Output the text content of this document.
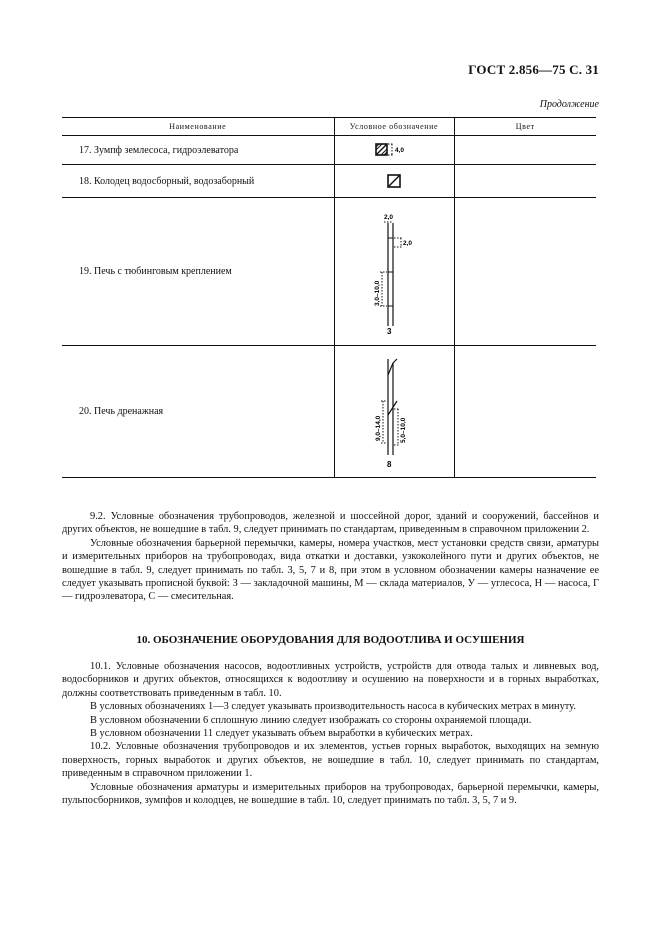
ГОСТ 2.856—75 С. 31
Продолжение
Наименование	Условное обозначение	Цвет
17. Зумпф землесоса, гидроэлеватора	4,0	

18. Колодец водосборный, водозаборный	

19. Печь с тюбинговым креплением	2,0
2,0
3,0–10,0
3	

20. Печь дренажная	9,0–14,0 5,0–10,0
8	

9.2. Условные обозначения трубопроводов, железной и шоссейной дорог, зданий и сооружений, бассейнов и других объектов, не вошедшие в табл. 9, следует принимать по стандартам, приведенным в справочном приложении 2.

Условные обозначения барьерной перемычки, камеры, номера участков, мест установки средств связи, арматуры и измерительных приборов на трубопроводах, вида откатки и доставки, узкоколейного пути и других объектов, не вошедшие в табл. 9, следует принимать по табл. 3, 5, 7 и 8, при этом в условном обозначении камеры назначение ее следует указывать прописной буквой: З — закладочной машины, М — склада материалов, У — углесоса, Н — насоса, Г — гидроэлеватора, С — смесительная.

10. ОБОЗНАЧЕНИЕ ОБОРУДОВАНИЯ ДЛЯ ВОДООТЛИВА И ОСУШЕНИЯ

10.1. Условные обозначения насосов, водоотливных устройств, устройств для отвода талых и ливневых вод, водосборников и других объектов, относящихся к водоотливу и осушению на поверхности и в горных выработках, должны соответствовать приведенным в табл. 10.

В условных обозначениях 1—3 следует указывать производительность насоса в кубических метрах в минуту.

В условном обозначении 6 сплошную линию следует изображать со стороны охраняемой площади.

В условном обозначении 11 следует указывать объем выработки в кубических метрах.

10.2. Условные обозначения трубопроводов и их элементов, устьев горных выработок, выходящих на земную поверхность, горных выработок и других объектов, не вошедшие в табл. 10, следует принимать по стандартам, приведенным в справочном приложении 1.

Условные обозначения арматуры и измерительных приборов на трубопроводах, барьерной перемычки, камеры, пульпосборников, зумпфов и колодцев, не вошедшие в табл. 10, следует принимать по табл. 3, 5, 7 и 9.
